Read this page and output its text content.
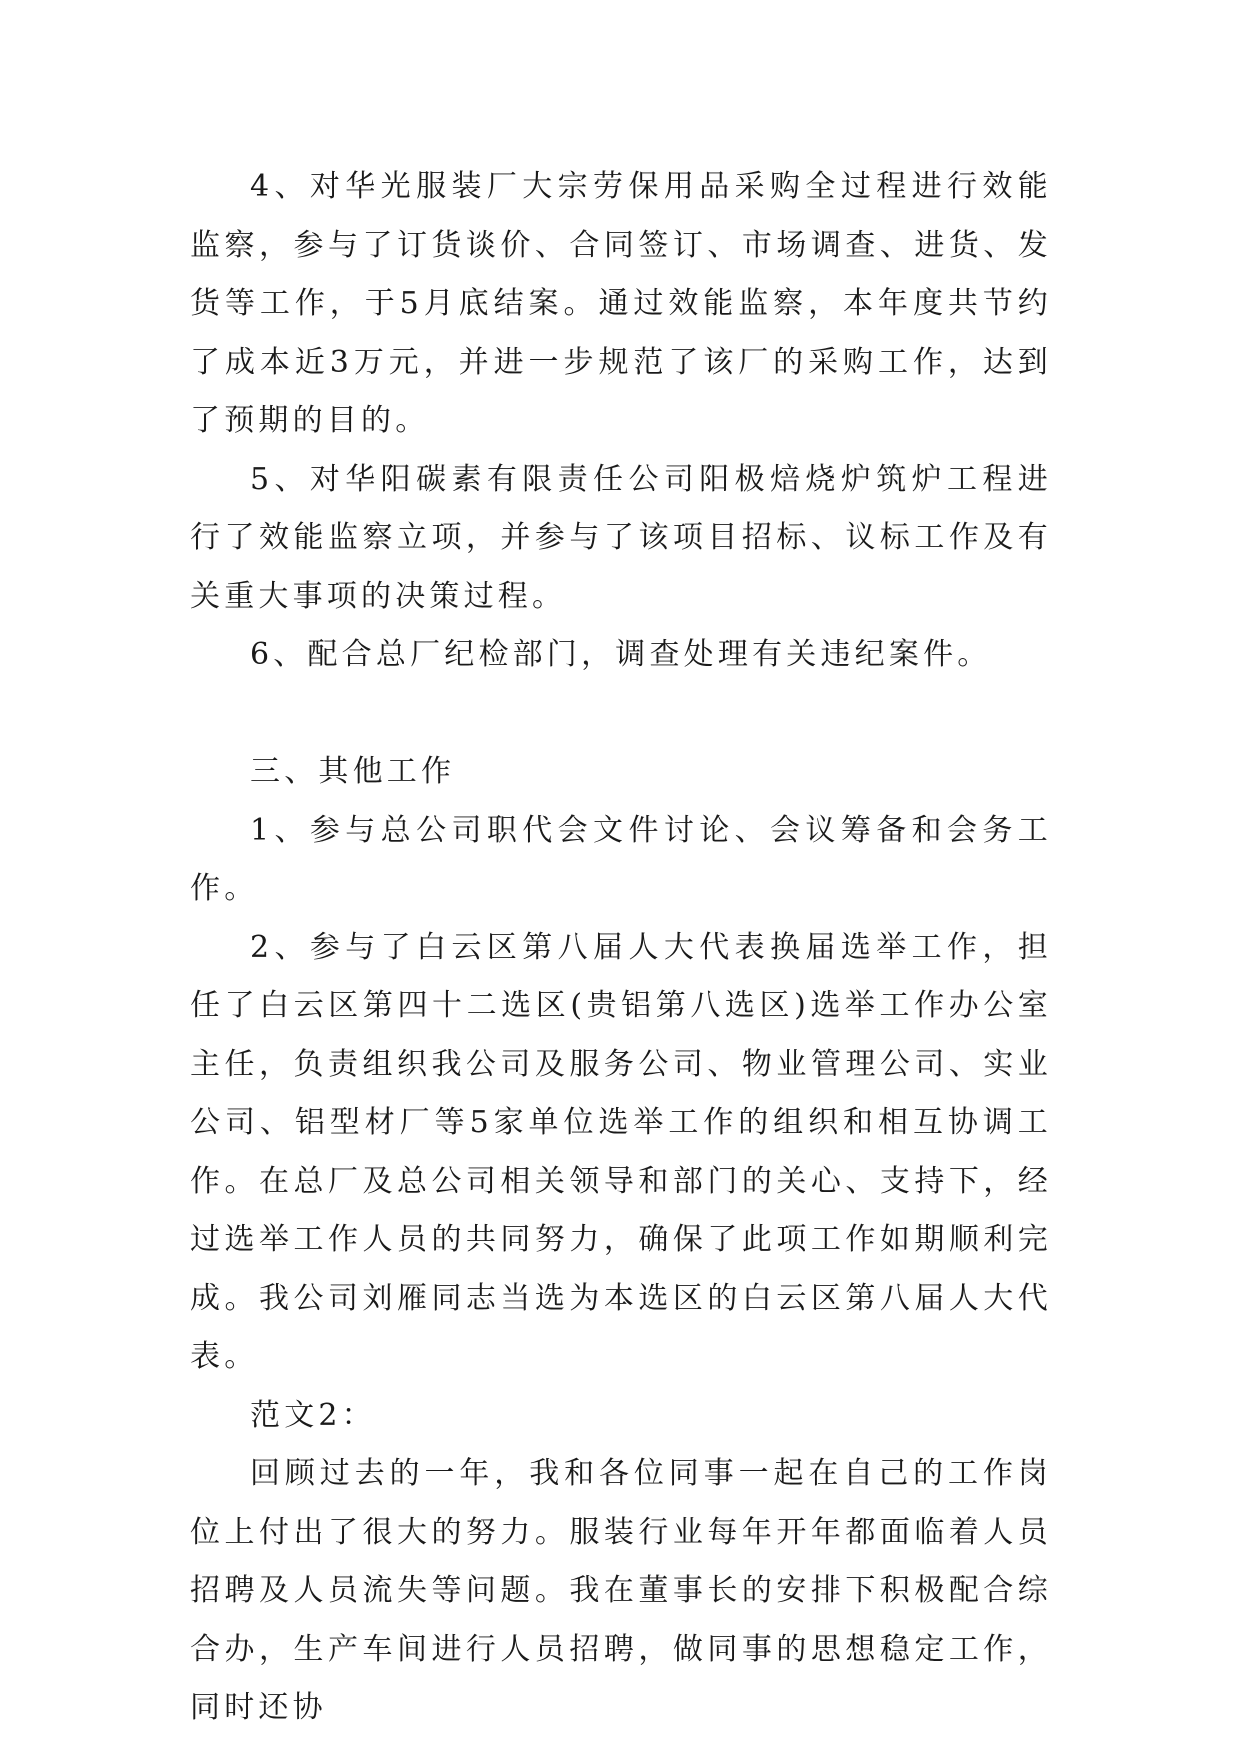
4、对华光服装厂大宗劳保用品采购全过程进行效能监察，参与了订货谈价、合同签订、市场调查、进货、发货等工作，于5月底结案。通过效能监察，本年度共节约了成本近3万元，并进一步规范了该厂的采购工作，达到了预期的目的。

5、对华阳碳素有限责任公司阳极焙烧炉筑炉工程进行了效能监察立项，并参与了该项目招标、议标工作及有关重大事项的决策过程。

6、配合总厂纪检部门，调查处理有关违纪案件。

三、其他工作

1、参与总公司职代会文件讨论、会议筹备和会务工作。

2、参与了白云区第八届人大代表换届选举工作，担任了白云区第四十二选区(贵铝第八选区)选举工作办公室主任，负责组织我公司及服务公司、物业管理公司、实业公司、铝型材厂等5家单位选举工作的组织和相互协调工作。在总厂及总公司相关领导和部门的关心、支持下，经过选举工作人员的共同努力，确保了此项工作如期顺利完成。我公司刘雁同志当选为本选区的白云区第八届人大代表。

范文2：

回顾过去的一年，我和各位同事一起在自己的工作岗位上付出了很大的努力。服装行业每年开年都面临着人员招聘及人员流失等问题。我在董事长的安排下积极配合综合办，生产车间进行人员招聘，做同事的思想稳定工作，同时还协
